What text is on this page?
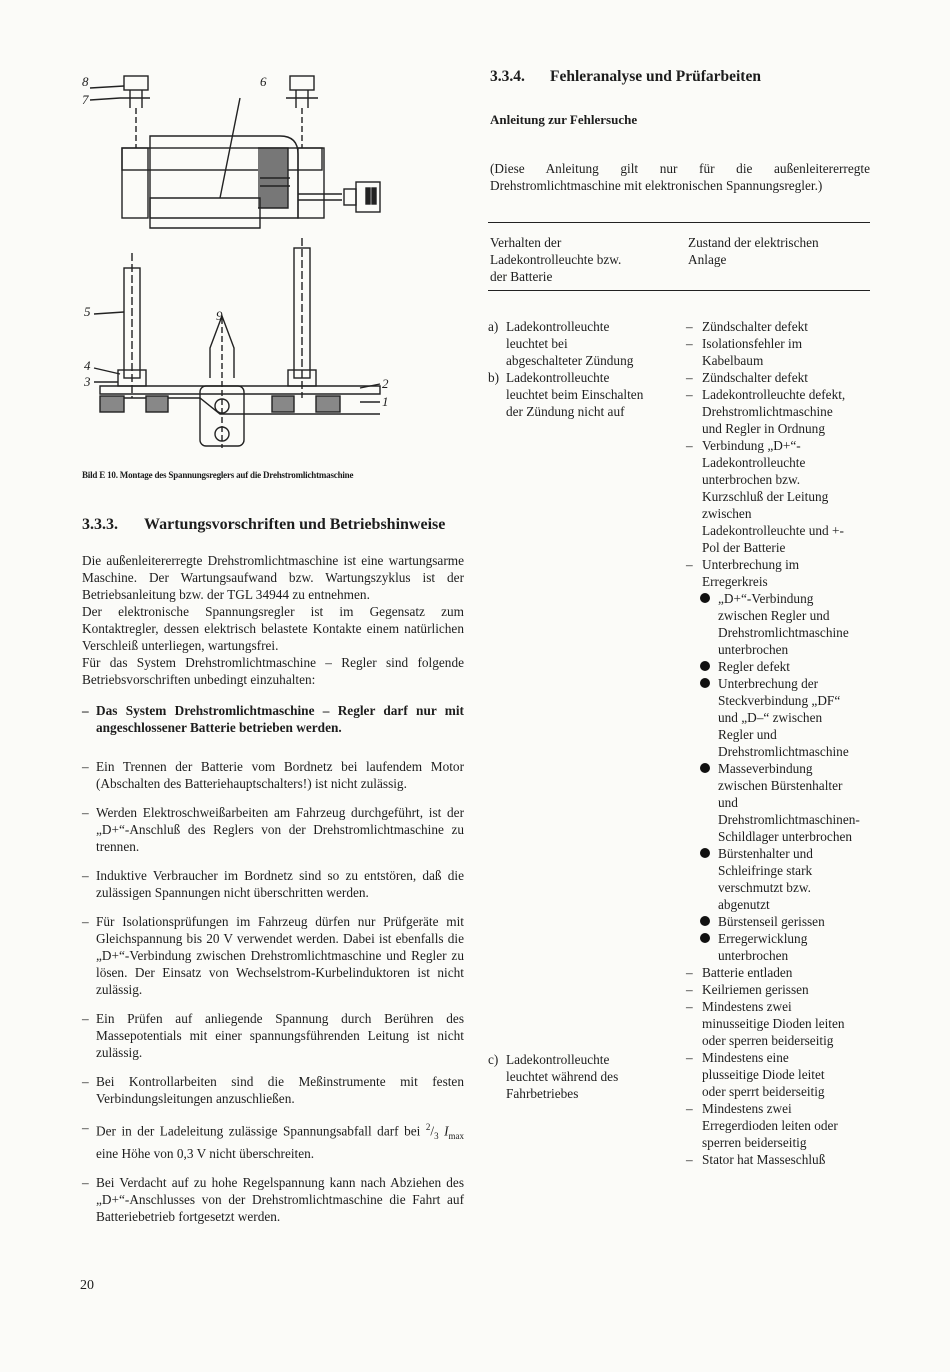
8
7
6
5	9
4
3	2
1
Bild E 10. Montage des Spannungsreglers auf die Drehstromlichtmaschine
3.3.3. Wartungsvorschriften und Betriebshinweise

Die außenleitererregte Drehstromlichtmaschine ist eine wartungsarme Maschine. Der Wartungsaufwand bzw. Wartungszyklus ist der Betriebsanleitung bzw. der TGL 34944 zu entnehmen.

Der elektronische Spannungsregler ist im Gegensatz zum Kontaktregler, dessen elektrisch belastete Kontakte einem natürlichen Verschleiß unterliegen, wartungsfrei.

Für das System Drehstromlichtmaschine – Regler sind folgende Betriebsvorschriften unbedingt einzuhalten:

– Das System Drehstromlichtmaschine – Regler darf nur mit angeschlossener Batterie betrieben werden.
– Ein Trennen der Batterie vom Bordnetz bei laufendem Motor (Abschalten des Batteriehauptschalters!) ist nicht zulässig.
– Werden Elektroschweißarbeiten am Fahrzeug durchgeführt, ist der „D+“-Anschluß des Reglers von der Drehstromlichtmaschine zu trennen.
– Induktive Verbraucher im Bordnetz sind so zu entstören, daß die zulässigen Spannungen nicht überschritten werden.
– Für Isolationsprüfungen im Fahrzeug dürfen nur Prüfgeräte mit Gleichspannung bis 20 V verwendet werden. Dabei ist ebenfalls die „D+“-Verbindung zwischen Drehstromlichtmaschine und Regler zu lösen. Der Einsatz von Wechselstrom-Kurbelinduktoren ist nicht zulässig.
– Ein Prüfen auf anliegende Spannung durch Berühren des Massepotentials mit einer spannungsführenden Leitung ist nicht zulässig.
– Bei Kontrollarbeiten sind die Meßinstrumente mit festen Verbindungsleitungen anzuschließen.
– Der in der Ladeleitung zulässige Spannungsabfall darf bei $^2/_3$ $I_{max}$ eine Höhe von 0,3 V nicht überschreiten.
– Bei Verdacht auf zu hohe Regelspannung kann nach Abziehen des „D+“-Anschlusses von der Drehstromlichtmaschine die Fahrt auf Batteriebetrieb fortgesetzt werden.
3.3.4. Fehleranalyse und Prüfarbeiten
Anleitung zur Fehlersuche
(Diese Anleitung gilt nur für die außenleitererregte Drehstromlichtmaschine mit elektronischen Spannungsregler.)
Verhalten der Ladekontrolleuchte bzw. der Batterie
Zustand der elektrischen Anlage
a) Ladekontrolleuchte leuchtet bei abgeschalteter Zündung
b) Ladekontrolleuchte leuchtet beim Einschalten der Zündung nicht auf
c) Ladekontrolleuchte leuchtet während des Fahrbetriebes
– Zündschalter defekt
– Isolationsfehler im Kabelbaum
– Zündschalter defekt
– Ladekontrolleuchte defekt, Drehstromlichtmaschine und Regler in Ordnung
– Verbindung „D+“-Ladekontrolleuchte unterbrochen bzw. Kurzschluß der Leitung zwischen Ladekontrolleuchte und +-Pol der Batterie
– Unterbrechung im Erregerkreis
„D+“-Verbindung zwischen Regler und Drehstromlichtmaschine unterbrochen
Regler defekt
Unterbrechung der Steckverbindung „DF“ und „D–“ zwischen Regler und Drehstromlichtmaschine
Masseverbindung zwischen Bürstenhalter und Drehstromlichtmaschinen-Schildlager unterbrochen
Bürstenhalter und Schleifringe stark verschmutzt bzw. abgenutzt
Bürstenseil gerissen
Erregerwicklung unterbrochen
– Batterie entladen
– Keilriemen gerissen
– Mindestens zwei minusseitige Dioden leiten oder sperren beiderseitig
– Mindestens eine plusseitige Diode leitet oder sperrt beiderseitig
– Mindestens zwei Erregerdioden leiten oder sperren beiderseitig
– Stator hat Masseschluß
20
